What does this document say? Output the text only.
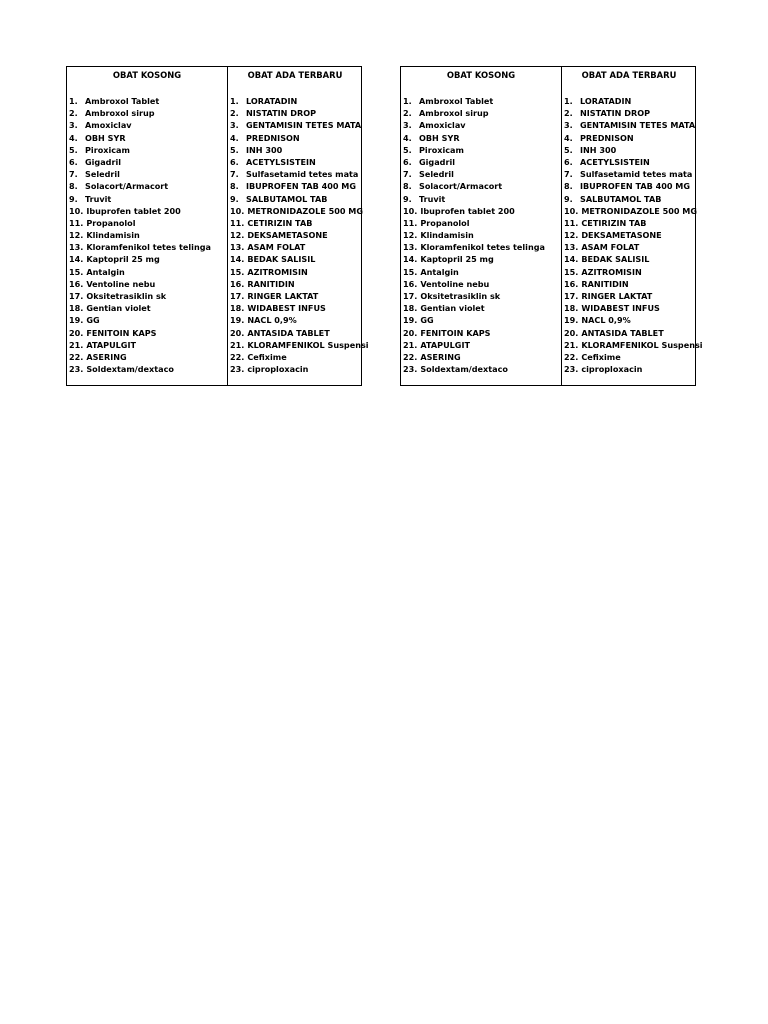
OBAT KOSONG
1. Ambroxol Tablet
2. Ambroxol sirup
3. Amoxiclav
4. OBH SYR
5. Piroxicam
6. Gigadril
7. Seledril
8. Solacort/Armacort
9. Truvit
10. Ibuprofen tablet 200
11. Propanolol
12. Klindamisin
13. Kloramfenikol tetes telinga
14. Kaptopril 25 mg
15. Antalgin
16. Ventoline nebu
17. Oksitetrasiklin sk
18. Gentian violet
19. GG
20. FENITOIN KAPS
21. ATAPULGIT
22. ASERING
23. Soldextam/dextaco
OBAT ADA TERBARU
1. LORATADIN
2. NISTATIN DROP
3. GENTAMISIN TETES MATA
4. PREDNISON
5. INH 300
6. ACETYLSISTEIN
7. Sulfasetamid tetes mata
8. IBUPROFEN TAB 400 MG
9. SALBUTAMOL TAB
10. METRONIDAZOLE 500 MG
11. CETIRIZIN TAB
12. DEKSAMETASONE
13. ASAM FOLAT
14. BEDAK SALISIL
15. AZITROMISIN
16. RANITIDIN
17. RINGER LAKTAT
18. WIDABEST INFUS
19. NACL 0,9%
20. ANTASIDA TABLET
21. KLORAMFENIKOL Suspensi
22. Cefixime
23. ciproploxacin
OBAT KOSONG
1. Ambroxol Tablet
2. Ambroxol sirup
3. Amoxiclav
4. OBH SYR
5. Piroxicam
6. Gigadril
7. Seledril
8. Solacort/Armacort
9. Truvit
10. Ibuprofen tablet 200
11. Propanolol
12. Klindamisin
13. Kloramfenikol tetes telinga
14. Kaptopril 25 mg
15. Antalgin
16. Ventoline nebu
17. Oksitetrasiklin sk
18. Gentian violet
19. GG
20. FENITOIN KAPS
21. ATAPULGIT
22. ASERING
23. Soldextam/dextaco
OBAT ADA TERBARU
1. LORATADIN
2. NISTATIN DROP
3. GENTAMISIN TETES MATA
4. PREDNISON
5. INH 300
6. ACETYLSISTEIN
7. Sulfasetamid tetes mata
8. IBUPROFEN TAB 400 MG
9. SALBUTAMOL TAB
10. METRONIDAZOLE 500 MG
11. CETIRIZIN TAB
12. DEKSAMETASONE
13. ASAM FOLAT
14. BEDAK SALISIL
15. AZITROMISIN
16. RANITIDIN
17. RINGER LAKTAT
18. WIDABEST INFUS
19. NACL 0,9%
20. ANTASIDA TABLET
21. KLORAMFENIKOL Suspensi
22. Cefixime
23. ciproploxacin
